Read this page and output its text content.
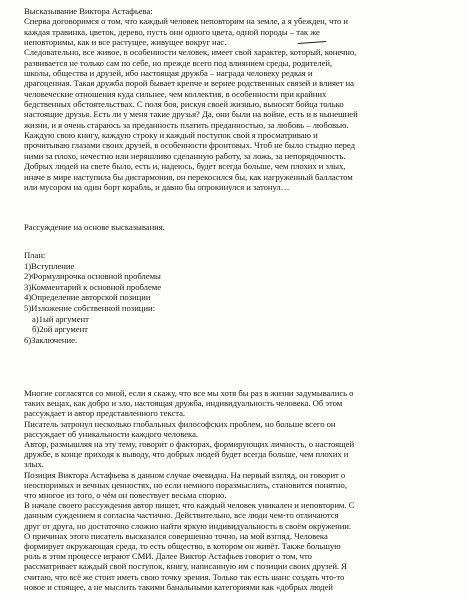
Высказывание Виктора Астафьева:
Сперва договоримся о том, что каждый человек неповторим на земле, а я убежден, что и
каждая травинка, цветок, дерево, пусть они одного цвета, одной породы – так же
неповторимы, как и все растущее, живущее вокруг нас.
Следовательно, все живое, в особенности человек, имеет свой характер, который, конечно,
развивается не только сам по себе, но прежде всего под влиянием среды, родителей,
школы, общества и друзей, ибо настоящая дружба – награда человеку редкая и
драгоценная. Такая дружба порой бывает крепче и вернее родственных связей и влияет на
человеческие отношения куда сильнее, чем коллектив, в особенности при крайних
бедственных обстоятельствах. С поля боя, рискуя своей жизнью, выносят бойца только
настоящие друзья. Есть ли у меня такие друзья? Да, они были на войне, есть и в нынешней
жизни, и я очень стараюсь за преданность платить преданностью, за любовь – любовью.
Каждую свою книгу, каждую строку и каждый поступок свой я просматриваю и
прочитываю глазами своих друзей, в особенности фронтовых. Чтоб не было стыдно перед
ними за плохо, нечестно или неряшливо сделанную работу, за ложь, за непорядочность.
Добрых людей на свете было, есть и, надеюсь, будет всегда больше, чем плохих и злых,
иначе в мире наступила бы дисгармония, он перекосился бы, как нагруженный балластом
или мусором на один борт корабль, и давно бы опрокинулся и затонул…
Рассуждение на основе высказывания.
План:
1)Вступление
2)Формулирочка основной проблемы
3)Комментарий к основной проблеме
4)Определение авторской позиции
5)Изложение собственной позиции:
а)1ый аргумент
б)2ой аргумент
6)Заключение.
Многие согласятся со мной, если я скажу, что все мы хотя бы раз в жизни задумывались о
таких вещах, как добро и зло, настоящая дружба, индивидуальность человека. Об этом
рассуждает и автор представленного текста.
Писатель затронул несколько глобальных философских проблем, но больше всего он
рассуждает об уникальности каждого человека.
Автор, размышляя на эту тему, говорит о факторах, формирующих личность, о настоящей
дружбе, в конце приходя к выводу, что добрых людей будет всегда больше, чем плохих и
злых.
Позиция Виктора Астафьева в данном случае очевидна. На первый взгляд, он говорит о
неоспоримых и вечных ценностях, но если немного поразмыслить, становится понятно,
что многое из того, о чём он повествует весьма спорно.
В начале своего рассуждения автор пишет, что каждый человек уникален и неповторим. С
данным суждением я согласна частично. Действительно, все люди чем-то отличаются
друг от друга, но достаточно сложно найти яркую индивидуальность в своём окружении.
О причинах этого писатель высказался совершенно точно, на мой взгляд. Человека
формирует окружающая среда, то есть общество, в котором он живёт. Также большую
роль в этом процессе играют СМИ. Далее Виктор Астафьев говорит о том, что
рассматривает каждый свой поступок, книгу, написанную им с позиции своих друзей. Я
считаю, что всё же стоит иметь свою точку зрения. Только так есть шанс создать что-то
новое и стоящее, а не мыслить такими банальными категориями как «добрых людей
